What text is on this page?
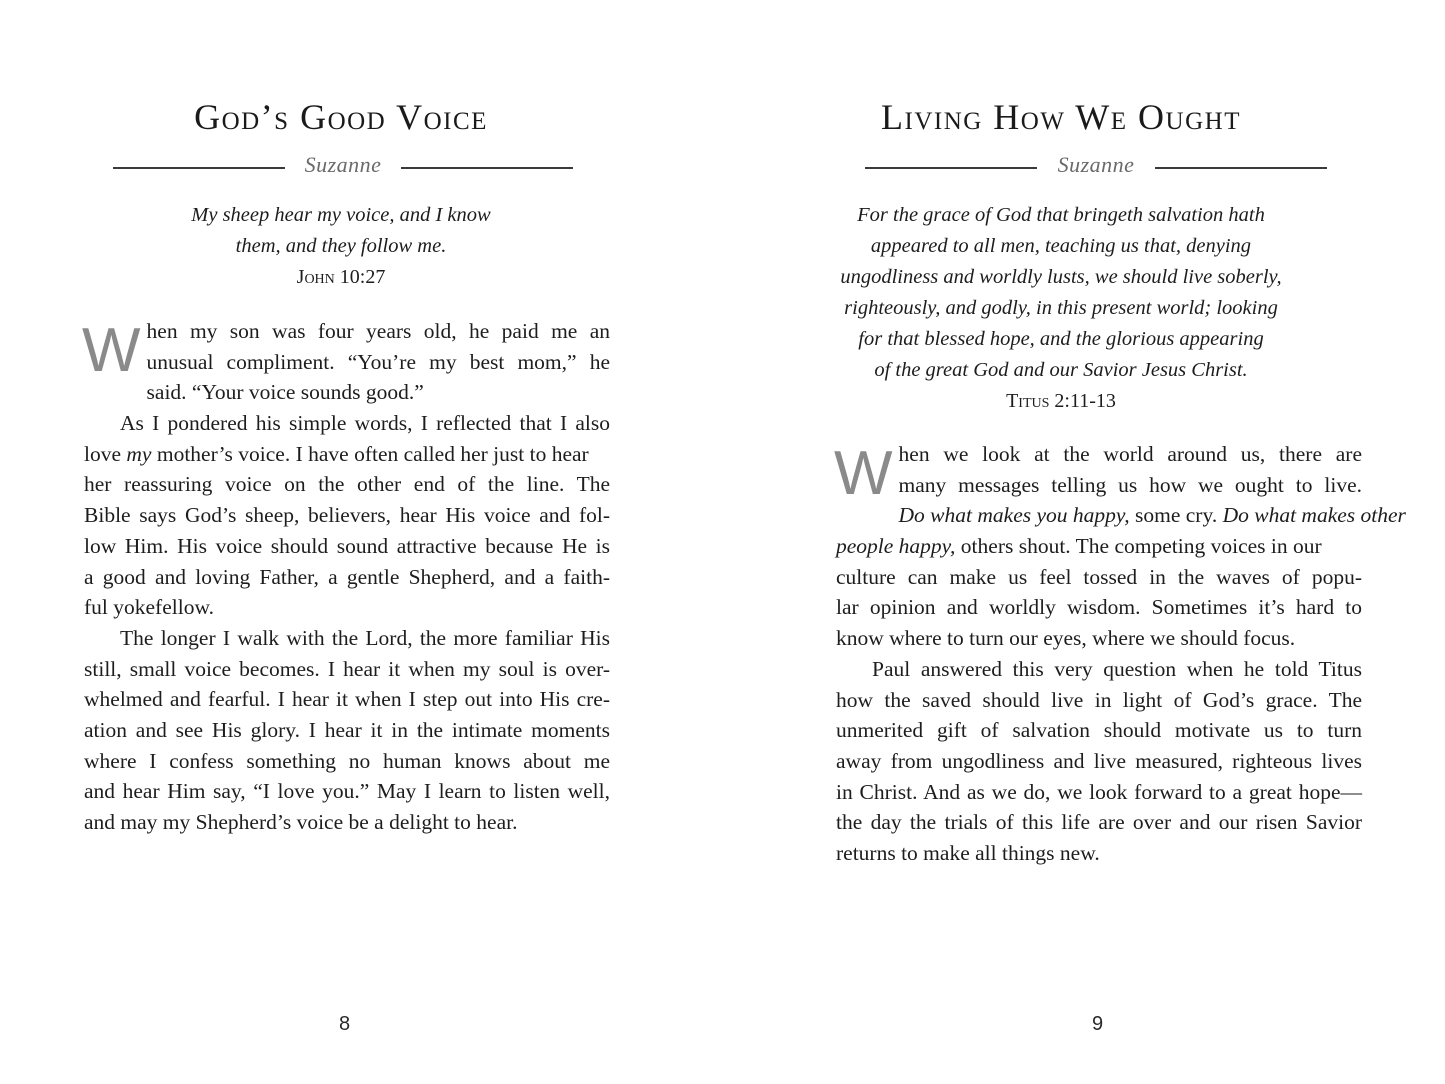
God’s Good Voice
Suzanne
My sheep hear my voice, and I know
them, and they follow me.
John 10:27
W hen my son was four years old, he paid me an
unusual compliment. “You’re my best mom,” he
said. “Your voice sounds good.”
As I pondered his simple words, I reflected that I also
love my mother’s voice. I have often called her just to hear
her reassuring voice on the other end of the line. The
Bible says God’s sheep, believers, hear His voice and fol-
low Him. His voice should sound attractive because He is
a good and loving Father, a gentle Shepherd, and a faith-
ful yokefellow.
The longer I walk with the Lord, the more familiar His
still, small voice becomes. I hear it when my soul is over-
whelmed and fearful. I hear it when I step out into His cre-
ation and see His glory. I hear it in the intimate moments
where I confess something no human knows about me
and hear Him say, “I love you.” May I learn to listen well,
and may my Shepherd’s voice be a delight to hear.
8
Living How We Ought
Suzanne
For the grace of God that bringeth salvation hath
appeared to all men, teaching us that, denying
ungodliness and worldly lusts, we should live soberly,
righteously, and godly, in this present world; looking
for that blessed hope, and the glorious appearing
of the great God and our Savior Jesus Christ.
Titus 2:11-13
W hen we look at the world around us, there are
many messages telling us how we ought to live.
Do what makes you happy, some cry. Do what makes other
people happy, others shout. The competing voices in our
culture can make us feel tossed in the waves of popu-
lar opinion and worldly wisdom. Sometimes it’s hard to
know where to turn our eyes, where we should focus.
Paul answered this very question when he told Titus
how the saved should live in light of God’s grace. The
unmerited gift of salvation should motivate us to turn
away from ungodliness and live measured, righteous lives
in Christ. And as we do, we look forward to a great hope—
the day the trials of this life are over and our risen Savior
returns to make all things new.
9
